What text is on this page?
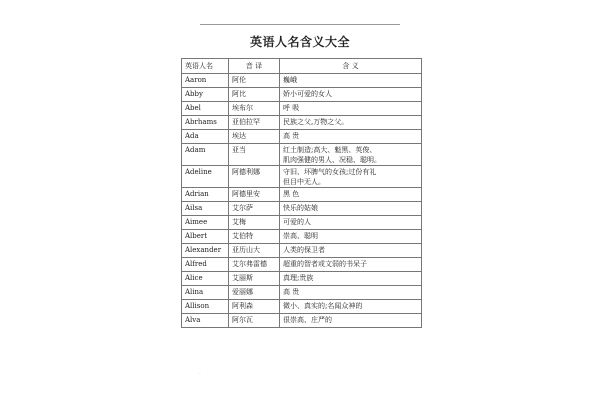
英语人名含义大全
英语人名	音 译	含 义
Aaron	阿伦	巍峨

Abby	阿比	娇小可爱的女人

Abel	埃布尔	呼 吸

Abrhams	亚伯拉罕	民族之父,万物之父。

Ada	埃达	高 贵

Adam	亚当	红土制造;高大、魁黑、英俊、
肌肉强健的男人、况稳、聪明。

Adeline	阿德利娜	守旧、坏脾气的女孩;过份有礼
但目中无人。

Adrian	阿德里安	黑 色

Ailsa	艾尔萨	快乐的姑娘

Aimee	艾梅	可爱的人

Albert	艾伯特	崇高、聪明

Alexander	亚历山大	人类的保卫者

Alfred	艾尔弗雷德	超重的智者或文弱的书呆子

Alice	艾丽斯	真理;贵族

Alina	爱丽娜	高 贵

Allison	阿利森	微小、真实的;名闻众神的

Alva	阿尔瓦	很崇高、庄严的
·
